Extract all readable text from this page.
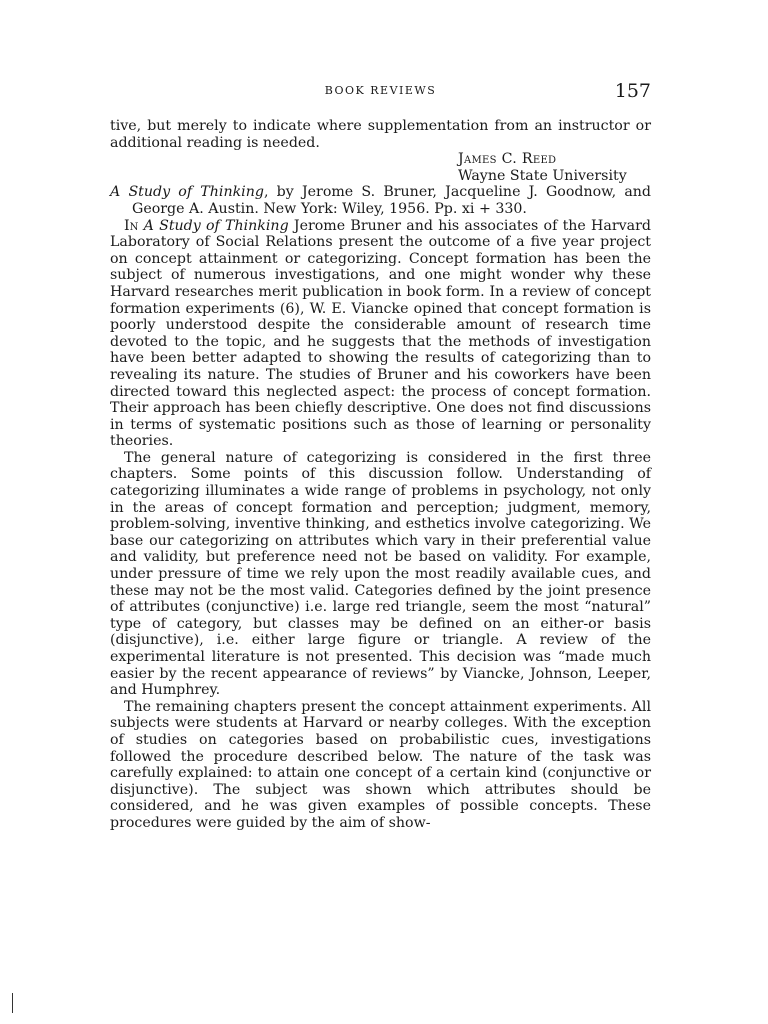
BOOK REVIEWS	157

tive, but merely to indicate where supplementation from an instructor or additional reading is needed.

James C. Reed
Wayne State University

A Study of Thinking, by Jerome S. Bruner, Jacqueline J. Goodnow, and George A. Austin. New York: Wiley, 1956. Pp. xi + 330.

In A Study of Thinking Jerome Bruner and his associates of the Harvard Laboratory of Social Relations present the outcome of a five year project on concept attainment or categorizing. Concept formation has been the subject of numerous investigations, and one might wonder why these Harvard researches merit publication in book form. In a review of concept formation experiments (6), W. E. Viancke opined that concept formation is poorly understood despite the considerable amount of research time devoted to the topic, and he suggests that the methods of investigation have been better adapted to showing the results of categorizing than to revealing its nature. The studies of Bruner and his coworkers have been directed toward this neglected aspect: the process of concept formation. Their approach has been chiefly descriptive. One does not find discussions in terms of systematic positions such as those of learning or personality theories.

The general nature of categorizing is considered in the first three chapters. Some points of this discussion follow. Understanding of categorizing illuminates a wide range of problems in psychology, not only in the areas of concept formation and perception; judgment, memory, problem-solving, inventive thinking, and esthetics involve categorizing. We base our categorizing on attributes which vary in their preferential value and validity, but preference need not be based on validity. For example, under pressure of time we rely upon the most readily available cues, and these may not be the most valid. Categories defined by the joint presence of attributes (conjunctive) i.e. large red triangle, seem the most “natural” type of category, but classes may be defined on an either-or basis (disjunctive), i.e. either large figure or triangle. A review of the experimental literature is not presented. This decision was “made much easier by the recent appearance of reviews” by Viancke, Johnson, Leeper, and Humphrey.

The remaining chapters present the concept attainment experiments. All subjects were students at Harvard or nearby colleges. With the exception of studies on categories based on probabilistic cues, investigations followed the procedure described below. The nature of the task was carefully explained: to attain one concept of a certain kind (conjunctive or disjunctive). The subject was shown which attributes should be considered, and he was given examples of possible concepts. These procedures were guided by the aim of show-
